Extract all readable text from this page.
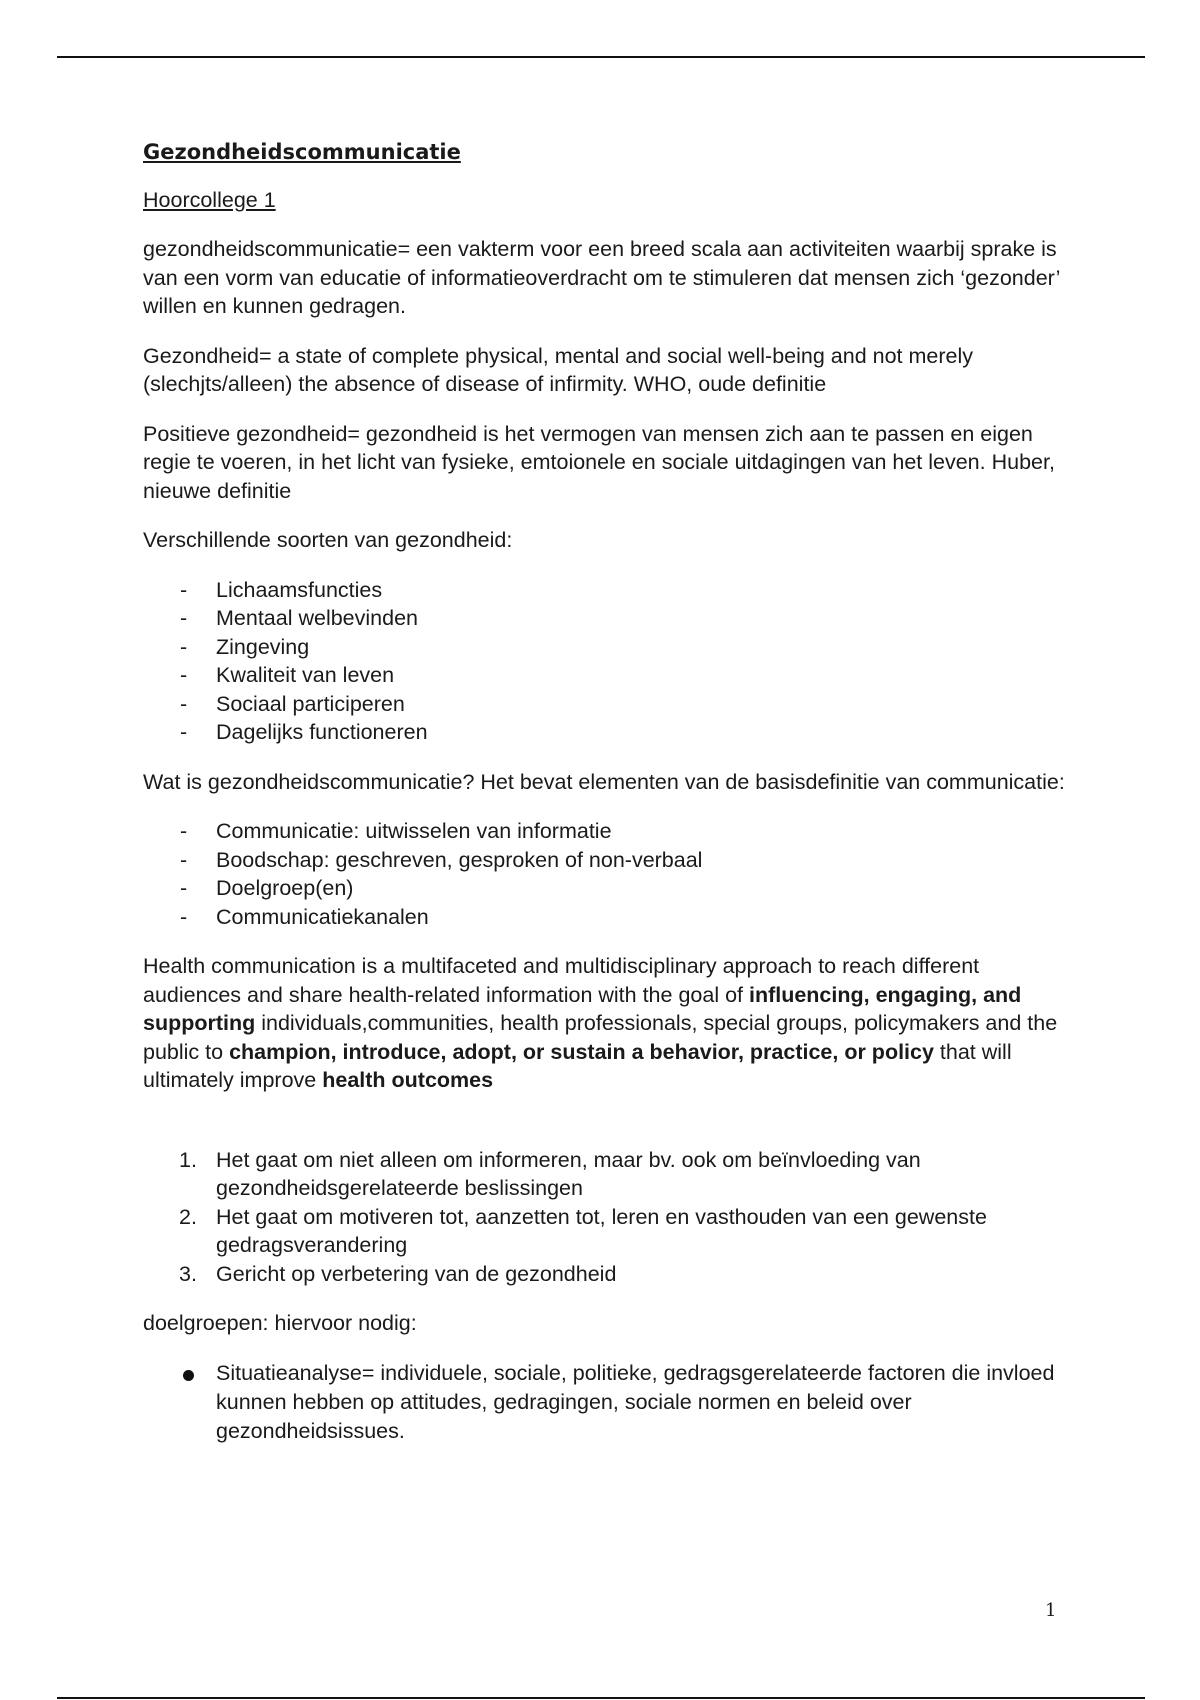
Gezondheidscommunicatie
Hoorcollege 1

gezondheidscommunicatie= een vakterm voor een breed scala aan activiteiten waarbij sprake is van een vorm van educatie of informatieoverdracht om te stimuleren dat mensen zich ‘gezonder’ willen en kunnen gedragen.

Gezondheid= a state of complete physical, mental and social well-being and not merely (slechjts/alleen) the absence of disease of infirmity. WHO, oude definitie

Positieve gezondheid= gezondheid is het vermogen van mensen zich aan te passen en eigen regie te voeren, in het licht van fysieke, emtoionele en sociale uitdagingen van het leven. Huber, nieuwe definitie

Verschillende soorten van gezondheid:

- Lichaamsfuncties
- Mentaal welbevinden
- Zingeving
- Kwaliteit van leven
- Sociaal participeren
- Dagelijks functioneren

Wat is gezondheidscommunicatie? Het bevat elementen van de basisdefinitie van communicatie:

- Communicatie: uitwisselen van informatie
- Boodschap: geschreven, gesproken of non-verbaal
- Doelgroep(en)
- Communicatiekanalen

Health communication is a multifaceted and multidisciplinary approach to reach different audiences and share health-related information with the goal of influencing, engaging, and supporting individuals,communities, health professionals, special groups, policymakers and the public to champion, introduce, adopt, or sustain a behavior, practice, or policy that will ultimately improve health outcomes

1. Het gaat om niet alleen om informeren, maar bv. ook om beïnvloeding van gezondheidsgerelateerde beslissingen
2. Het gaat om motiveren tot, aanzetten tot, leren en vasthouden van een gewenste gedragsverandering
3. Gericht op verbetering van de gezondheid

doelgroepen: hiervoor nodig:

Situatieanalyse= individuele, sociale, politieke, gedragsgerelateerde factoren die invloed kunnen hebben op attitudes, gedragingen, sociale normen en beleid over gezondheidsissues.
1
